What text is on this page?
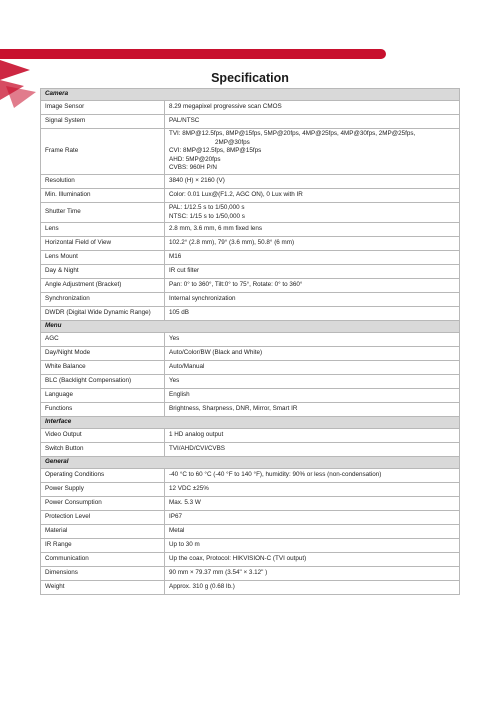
Specification
Camera	
Image Sensor	8.29 megapixel progressive scan CMOS

Signal System	PAL/NTSC

Frame Rate	TVI: 8MP@12.5fps, 8MP@15fps, 5MP@20fps, 4MP@25fps, 4MP@30fps, 2MP@25fps,
2MP@30fps
CVI: 8MP@12.5fps, 8MP@15fps
AHD: 5MP@20fps
CVBS: 960H P/N

Resolution	3840 (H) × 2160 (V)

Min. Illumination	Color: 0.01 Lux@(F1.2, AGC ON), 0 Lux with IR

Shutter Time	PAL: 1/12.5 s to 1/50,000 s
NTSC: 1/15 s to 1/50,000 s

Lens	2.8 mm, 3.6 mm, 6 mm fixed lens

Horizontal Field of View	102.2° (2.8 mm), 79° (3.6 mm), 50.8° (6 mm)

Lens Mount	M16

Day & Night	IR cut filter

Angle Adjustment (Bracket)	Pan: 0° to 360°, Tilt:0° to 75°, Rotate: 0° to 360°

Synchronization	Internal synchronization

DWDR (Digital Wide Dynamic Range)	105 dB

Menu	
AGC	Yes

Day/Night Mode	Auto/Color/BW (Black and White)

White Balance	Auto/Manual

BLC (Backlight Compensation)	Yes

Language	English

Functions	Brightness, Sharpness, DNR, Mirror, Smart IR

Interface	
Video Output	1 HD analog output

Switch Button	TVI/AHD/CVI/CVBS

General	
Operating Conditions	-40 °C to 60 °C (-40 °F to 140 °F), humidity: 90% or less (non-condensation)

Power Supply	12 VDC ±25%

Power Consumption	Max. 5.3 W

Protection Level	IP67

Material	Metal

IR Range	Up to 30 m

Communication	Up the coax, Protocol: HIKVISION-C (TVI output)

Dimensions	90 mm × 79.37 mm (3.54" × 3.12" )

Weight	Approx. 310 g (0.68 lb.)
